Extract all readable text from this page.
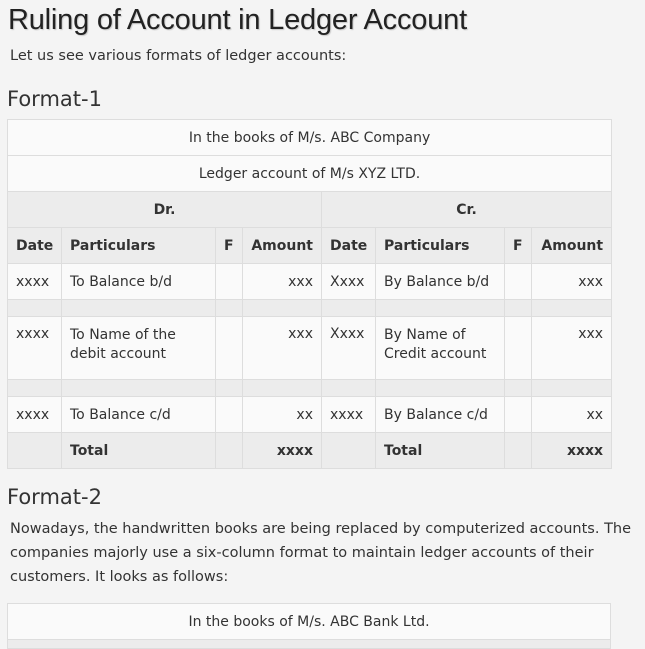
Ruling of Account in Ledger Account

Let us see various formats of ledger accounts:

Format-1
In the books of M/s. ABC Company							
Ledger account of M/s XYZ LTD.							
Dr.				Cr.			
Date	Particulars	F	Amount	Date	Particulars	F	Amount
xxxx	To Balance b/d		xxx	Xxxx	By Balance b/d		xxx

xxxx	To Name of the debit account		xxx	Xxxx	By Name of Credit account		xxx

xxxx	To Balance c/d		xx	xxxx	By Balance c/d		xx
	Total		xxxx		Total		xxxx
Format-2

Nowadays, the handwritten books are being replaced by computerized accounts. The companies majorly use a six-column format to maintain ledger accounts of their customers. It looks as follows:

In the books of M/s. ABC Bank Ltd.
